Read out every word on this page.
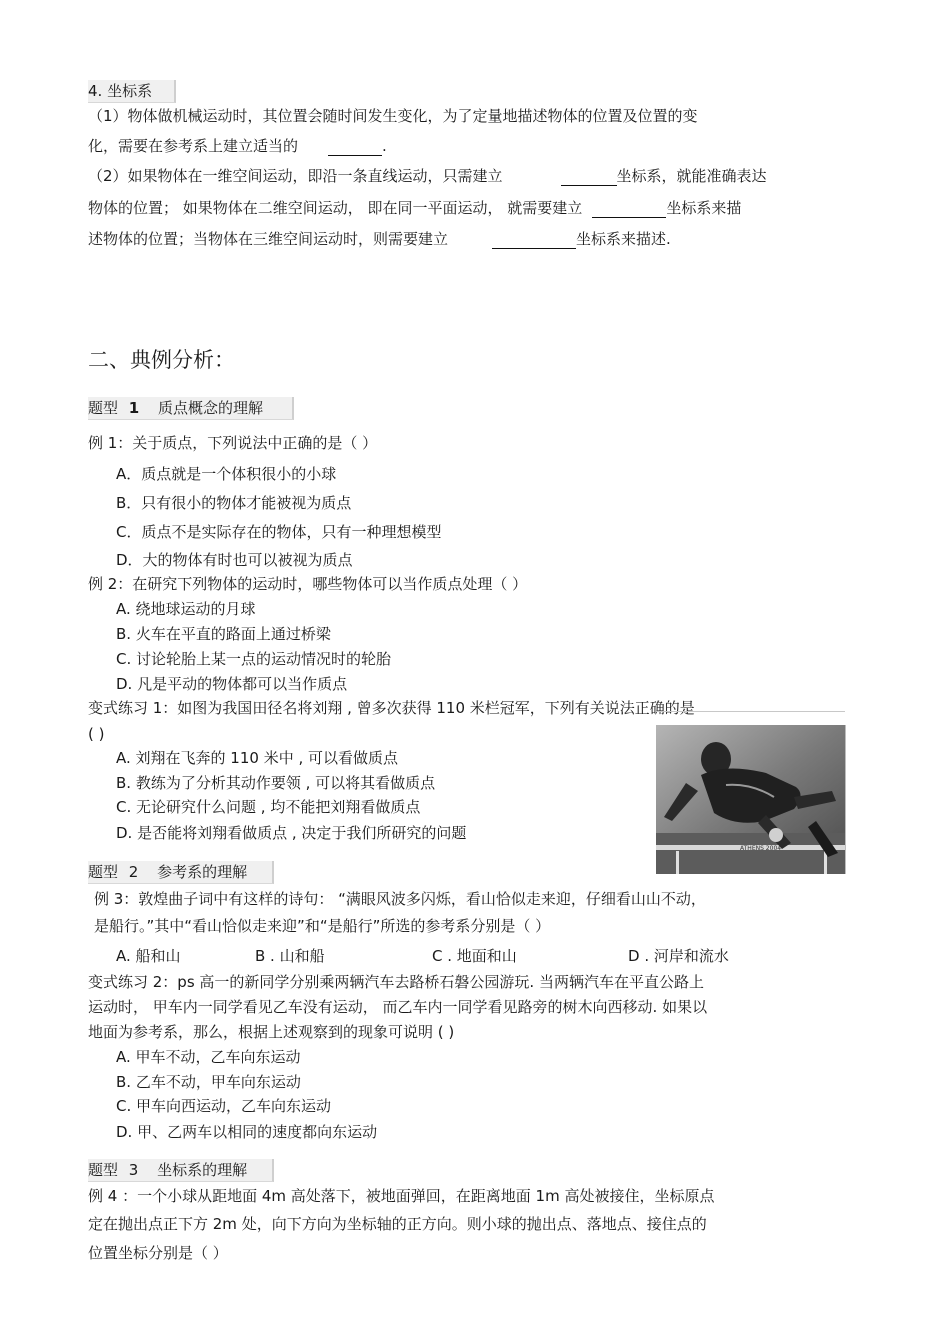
4. 坐标系
（1）物体做机械运动时，其位置会随时间发生变化，为了定量地描述物体的位置及位置的变
化，需要在参考系上建立适当的	.
（2）如果物体在一维空间运动，即沿一条直线运动，只需建立	坐标系，就能准确表达
物体的位置； 如果物体在二维空间运动， 即在同一平面运动， 就需要建立	坐标系来描
述物体的位置；当物体在三维空间运动时，则需要建立	坐标系来描述.
二、典例分析：
题型 1 质点概念的理解
例 1：关于质点，下列说法中正确的是（ ）
A．质点就是一个体积很小的小球
B．只有很小的物体才能被视为质点
C．质点不是实际存在的物体，只有一种理想模型
D．大的物体有时也可以被视为质点
例 2：在研究下列物体的运动时，哪些物体可以当作质点处理（ ）
A. 绕地球运动的月球
B. 火车在平直的路面上通过桥梁
C. 讨论轮胎上某一点的运动情况时的轮胎
D. 凡是平动的物体都可以当作质点
变式练习 1：如图为我国田径名将刘翔 , 曾多次获得 110 米栏冠军，下列有关说法正确的是
( )
A. 刘翔在飞奔的 110 米中 , 可以看做质点
B. 教练为了分析其动作要领 , 可以将其看做质点
C. 无论研究什么问题 , 均不能把刘翔看做质点
D. 是否能将刘翔看做质点 , 决定于我们所研究的问题
ATHENS 2004
题型 2 参考系的理解
例 3：敦煌曲子词中有这样的诗句： “满眼风波多闪烁，看山恰似走来迎，仔细看山山不动，
是船行。”其中“看山恰似走来迎”和“是船行”所选的参考系分别是（ ）
A. 船和山	B . 山和船	C . 地面和山	D . 河岸和流水
变式练习 2：ps 高一的新同学分别乘两辆汽车去路桥石磐公园游玩. 当两辆汽车在平直公路上
运动时， 甲车内一同学看见乙车没有运动， 而乙车内一同学看见路旁的树木向西移动. 如果以
地面为参考系，那么，根据上述观察到的现象可说明 ( )
A. 甲车不动，乙车向东运动
B. 乙车不动，甲车向东运动
C. 甲车向西运动，乙车向东运动
D. 甲、乙两车以相同的速度都向东运动
题型 3 坐标系的理解
例 4 ：一个小球从距地面 4m 高处落下，被地面弹回，在距离地面 1m 高处被接住，坐标原点
定在抛出点正下方 2m 处，向下方向为坐标轴的正方向。则小球的抛出点、落地点、接住点的
位置坐标分别是（ ）
